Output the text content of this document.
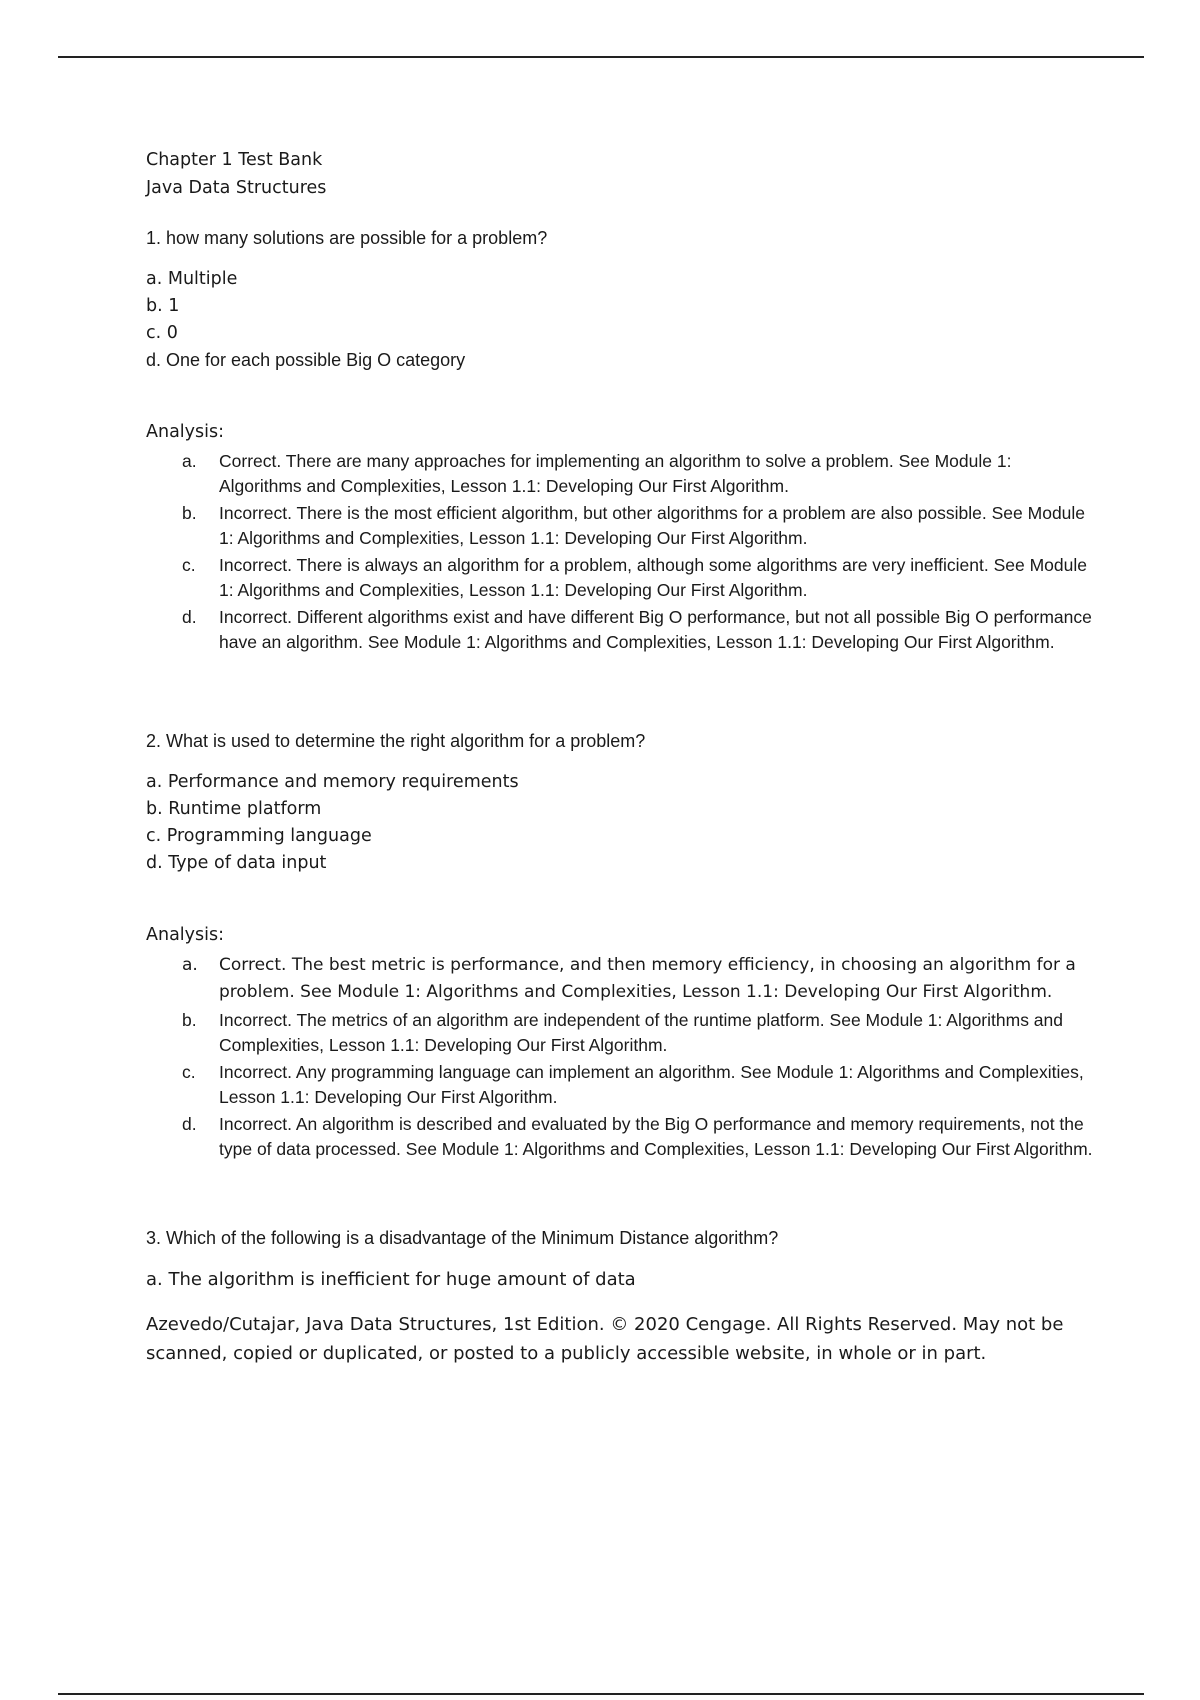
Chapter 1 Test Bank
Java Data Structures
1. how many solutions are possible for a problem?
a. Multiple
b. 1
c. 0
d. One for each possible Big O category
Analysis:
a. Correct. There are many approaches for implementing an algorithm to solve a problem. See Module 1: Algorithms and Complexities, Lesson 1.1: Developing Our First Algorithm.
b. Incorrect. There is the most efficient algorithm, but other algorithms for a problem are also possible. See Module 1: Algorithms and Complexities, Lesson 1.1: Developing Our First Algorithm.
c. Incorrect. There is always an algorithm for a problem, although some algorithms are very inefficient. See Module 1: Algorithms and Complexities, Lesson 1.1: Developing Our First Algorithm.
d. Incorrect. Different algorithms exist and have different Big O performance, but not all possible Big O performance have an algorithm. See Module 1: Algorithms and Complexities, Lesson 1.1: Developing Our First Algorithm.
2. What is used to determine the right algorithm for a problem?
a. Performance and memory requirements
b. Runtime platform
c. Programming language
d. Type of data input
Analysis:
a. Correct. The best metric is performance, and then memory efficiency, in choosing an algorithm for a problem. See Module 1: Algorithms and Complexities, Lesson 1.1: Developing Our First Algorithm.
b. Incorrect. The metrics of an algorithm are independent of the runtime platform. See Module 1: Algorithms and Complexities, Lesson 1.1: Developing Our First Algorithm.
c. Incorrect. Any programming language can implement an algorithm. See Module 1: Algorithms and Complexities, Lesson 1.1: Developing Our First Algorithm.
d. Incorrect. An algorithm is described and evaluated by the Big O performance and memory requirements, not the type of data processed. See Module 1: Algorithms and Complexities, Lesson 1.1: Developing Our First Algorithm.
3. Which of the following is a disadvantage of the Minimum Distance algorithm?
a. The algorithm is inefficient for huge amount of data
Azevedo/Cutajar, Java Data Structures, 1st Edition. © 2020 Cengage. All Rights Reserved. May not be scanned, copied or duplicated, or posted to a publicly accessible website, in whole or in part.
